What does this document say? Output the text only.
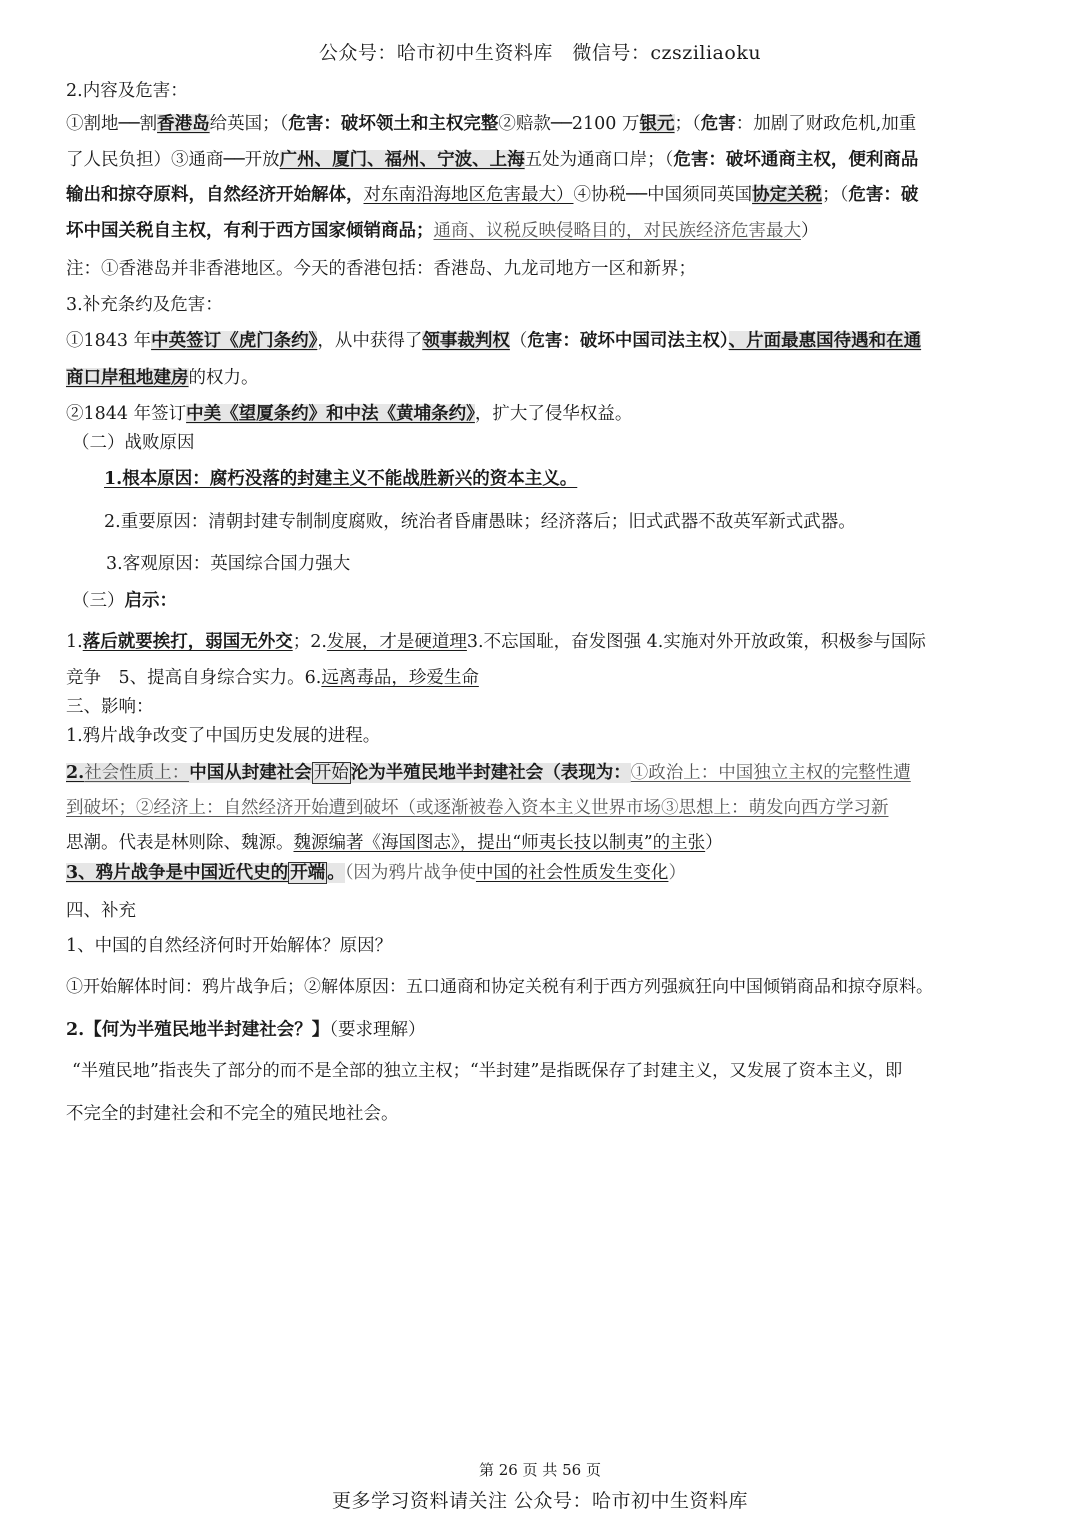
公众号：哈市初中生资料库　微信号：czsziliaoku
2.内容及危害：
①割地──割香港岛给英国；（危害：破坏领土和主权完整②赔款──2100 万银元；（危害：加剧了财政危机,加重
了人民负担）③通商──开放广州、厦门、福州、宁波、上海五处为通商口岸；（危害：破坏通商主权，便利商品
输出和掠夺原料，自然经济开始解体，对东南沿海地区危害最大）④协税──中国须同英国协定关税；（危害：破
坏中国关税自主权，有利于西方国家倾销商品；通商、议税反映侵略目的，对民族经济危害最大）
注：①香港岛并非香港地区。今天的香港包括：香港岛、九龙司地方一区和新界；
3.补充条约及危害：
①1843 年中英签订《虎门条约》，从中获得了领事裁判权（危害：破坏中国司法主权）、片面最惠国待遇和在通
商口岸租地建房的权力。
②1844 年签订中美《望厦条约》和中法《黄埔条约》，扩大了侵华权益。
（二）战败原因
1.根本原因：腐朽没落的封建主义不能战胜新兴的资本主义。
2.重要原因：清朝封建专制制度腐败，统治者昏庸愚昧；经济落后；旧式武器不敌英军新式武器。
3.客观原因：英国综合国力强大
（三）启示：
1.落后就要挨打，弱国无外交；2.发展，才是硬道理3.不忘国耻，奋发图强 4.实施对外开放政策，积极参与国际
竞争　5、提高自身综合实力。6.远离毒品，珍爱生命
三、影响：
1.鸦片战争改变了中国历史发展的进程。
2.社会性质上：中国从封建社会 开始 沦为半殖民地半封建社会（表现为：①政治上：中国独立主权的完整性遭
到破坏；②经济上：自然经济开始遭到破坏（或逐渐被卷入资本主义世界市场③思想上：萌发向西方学习新
思潮。代表是林则除、魏源。魏源编著《海国图志》，提出“师夷长技以制夷”的主张）
3、鸦片战争是中国近代史的 开端 。（因为鸦片战争使中国的社会性质发生变化）
四、补充
1、中国的自然经济何时开始解体？原因？
①开始解体时间：鸦片战争后；②解体原因：五口通商和协定关税有利于西方列强疯狂向中国倾销商品和掠夺原料。
2.【何为半殖民地半封建社会？】（要求理解）
“半殖民地”指丧失了部分的而不是全部的独立主权；“半封建”是指既保存了封建主义，又发展了资本主义，即
不完全的封建社会和不完全的殖民地社会。
第 26 页 共 56 页
更多学习资料请关注 公众号：哈市初中生资料库
